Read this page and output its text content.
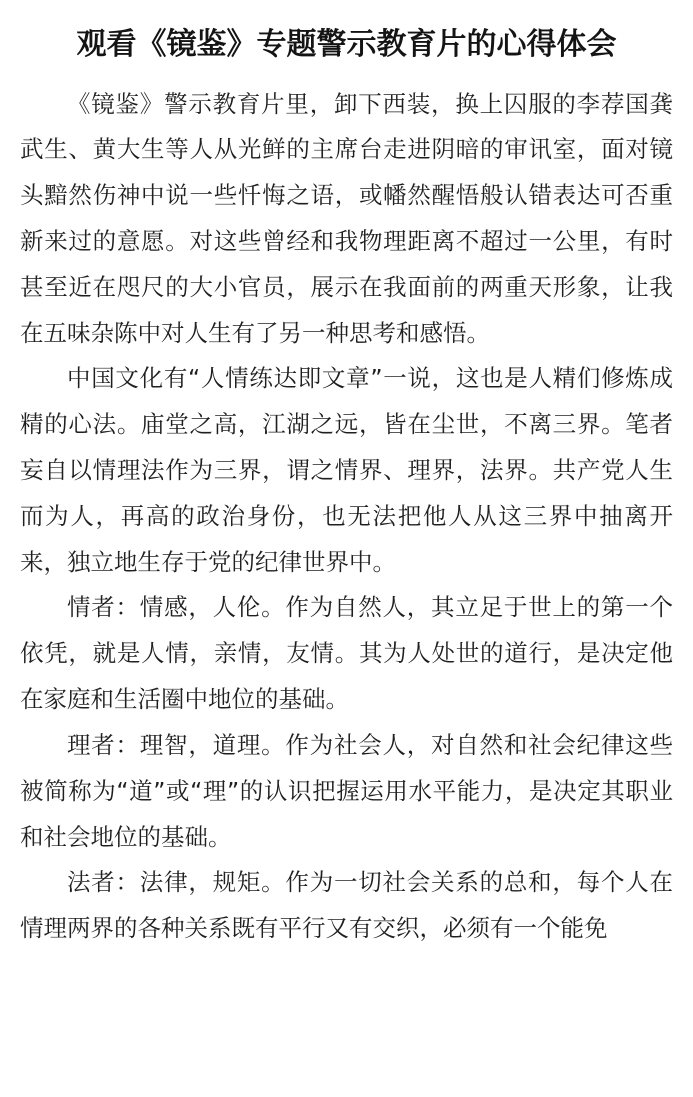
观看《镜鉴》专题警示教育片的心得体会

《镜鉴》警示教育片里，卸下西装，换上囚服的李荐国龚武生、黄大生等人从光鲜的主席台走进阴暗的审讯室，面对镜头黯然伤神中说一些忏悔之语，或幡然醒悟般认错表达可否重新来过的意愿。对这些曾经和我物理距离不超过一公里，有时甚至近在咫尺的大小官员，展示在我面前的两重天形象，让我在五味杂陈中对人生有了另一种思考和感悟。

中国文化有“人情练达即文章”一说，这也是人精们修炼成精的心法。庙堂之高，江湖之远，皆在尘世，不离三界。笔者妄自以情理法作为三界，谓之情界、理界，法界。共产党人生而为人，再高的政治身份，也无法把他人从这三界中抽离开来，独立地生存于党的纪律世界中。

情者：情感，人伦。作为自然人，其立足于世上的第一个依凭，就是人情，亲情，友情。其为人处世的道行，是决定他在家庭和生活圈中地位的基础。

理者：理智，道理。作为社会人，对自然和社会纪律这些被简称为“道”或“理”的认识把握运用水平能力，是决定其职业和社会地位的基础。

法者：法律，规矩。作为一切社会关系的总和，每个人在情理两界的各种关系既有平行又有交织，必须有一个能免
